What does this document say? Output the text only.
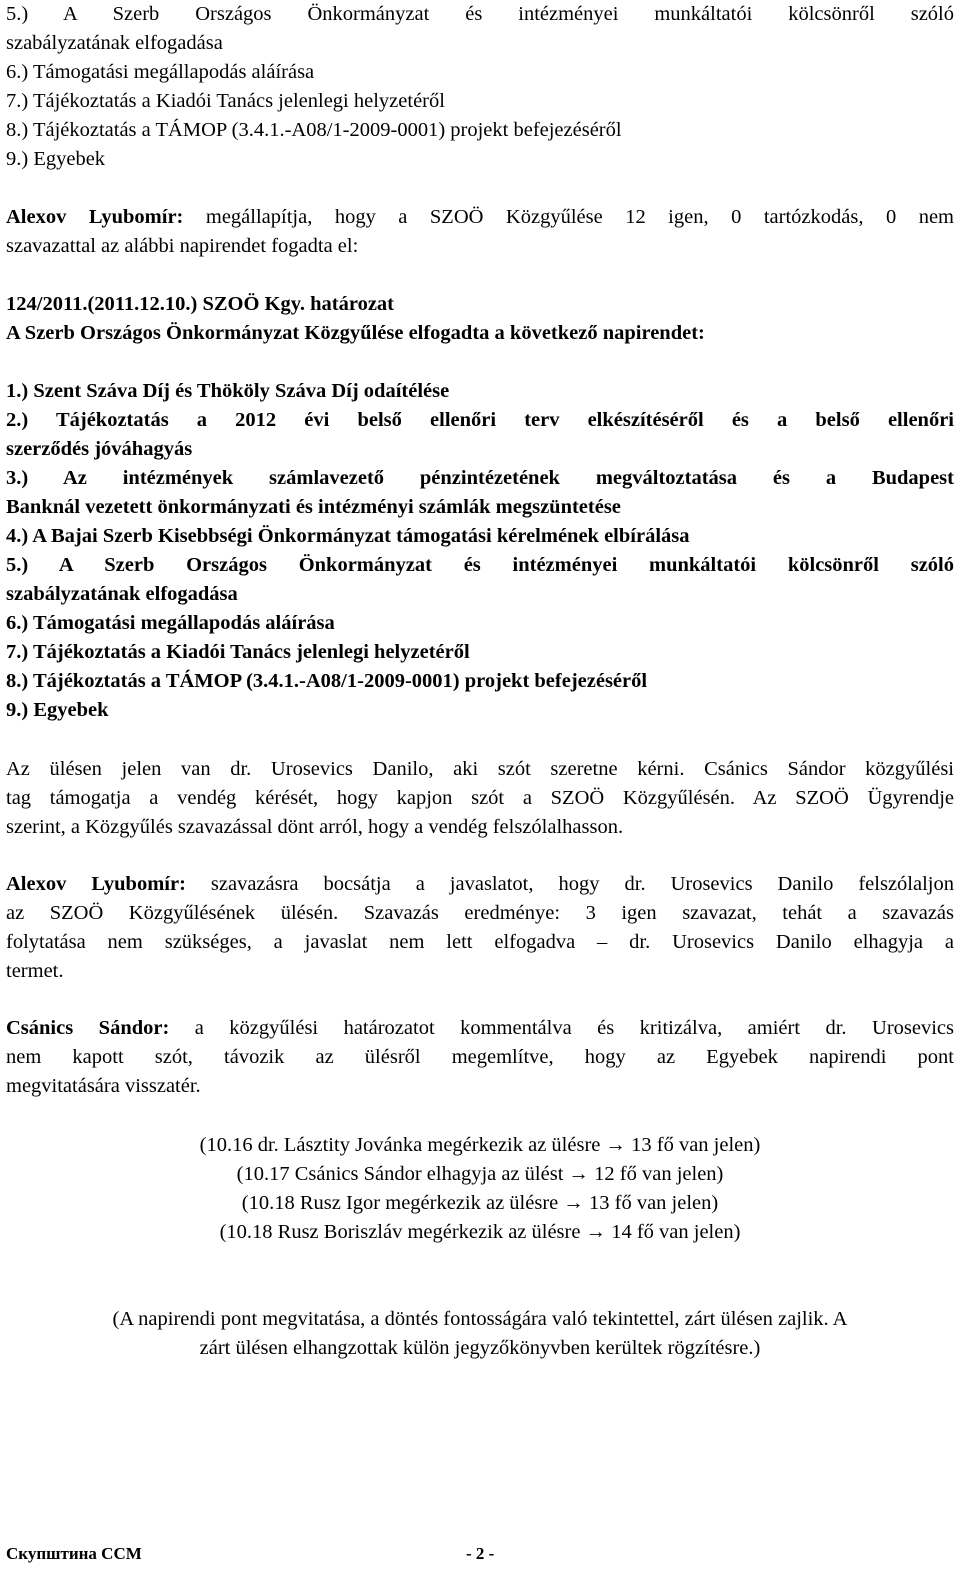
5.) A Szerb Országos Önkormányzat és intézményei munkáltatói kölcsönről szóló
szabályzatának elfogadása
6.) Támogatási megállapodás aláírása
7.) Tájékoztatás a Kiadói Tanács jelenlegi helyzetéről
8.) Tájékoztatás a TÁMOP (3.4.1.-A08/1-2009-0001) projekt befejezéséről
9.) Egyebek
Alexov Lyubomír: megállapítja, hogy a SZOÖ Közgyűlése 12 igen, 0 tartózkodás, 0 nem
szavazattal az alábbi napirendet fogadta el:
124/2011.(2011.12.10.) SZOÖ Kgy. határozat
A Szerb Országos Önkormányzat Közgyűlése elfogadta a következő napirendet:
1.) Szent Száva Díj és Thököly Száva Díj odaítélése
2.) Tájékoztatás a 2012 évi belső ellenőri terv elkészítéséről és a belső ellenőri
szerződés jóváhagyás
3.) Az intézmények számlavezető pénzintézetének megváltoztatása és a Budapest
Banknál vezetett önkormányzati és intézményi számlák megszüntetése
4.) A Bajai Szerb Kisebbségi Önkormányzat támogatási kérelmének elbírálása
5.) A Szerb Országos Önkormányzat és intézményei munkáltatói kölcsönről szóló
szabályzatának elfogadása
6.) Támogatási megállapodás aláírása
7.) Tájékoztatás a Kiadói Tanács jelenlegi helyzetéről
8.) Tájékoztatás a TÁMOP (3.4.1.-A08/1-2009-0001) projekt befejezéséről
9.) Egyebek
Az ülésen jelen van dr. Urosevics Danilo, aki szót szeretne kérni. Csánics Sándor közgyűlési
tag támogatja a vendég kérését, hogy kapjon szót a SZOÖ Közgyűlésén. Az SZOÖ Ügyrendje
szerint, a Közgyűlés szavazással dönt arról, hogy a vendég felszólalhasson.
Alexov Lyubomír: szavazásra bocsátja a javaslatot, hogy dr. Urosevics Danilo felszólaljon
az SZOÖ Közgyűlésének ülésén. Szavazás eredménye: 3 igen szavazat, tehát a szavazás
folytatása nem szükséges, a javaslat nem lett elfogadva – dr. Urosevics Danilo elhagyja a
termet.
Csánics Sándor: a közgyűlési határozatot kommentálva és kritizálva, amiért dr. Urosevics
nem kapott szót, távozik az ülésről megemlítve, hogy az Egyebek napirendi pont
megvitatására visszatér.
(10.16 dr. Lásztity Jovánka megérkezik az ülésre → 13 fő van jelen)
(10.17 Csánics Sándor elhagyja az ülést → 12 fő van jelen)
(10.18 Rusz Igor megérkezik az ülésre → 13 fő van jelen)
(10.18 Rusz Boriszláv megérkezik az ülésre → 14 fő van jelen)
(A napirendi pont megvitatása, a döntés fontosságára való tekintettel, zárt ülésen zajlik. A
zárt ülésen elhangzottak külön jegyzőkönyvben kerültek rögzítésre.)
Скупштина ССМ	- 2 -
